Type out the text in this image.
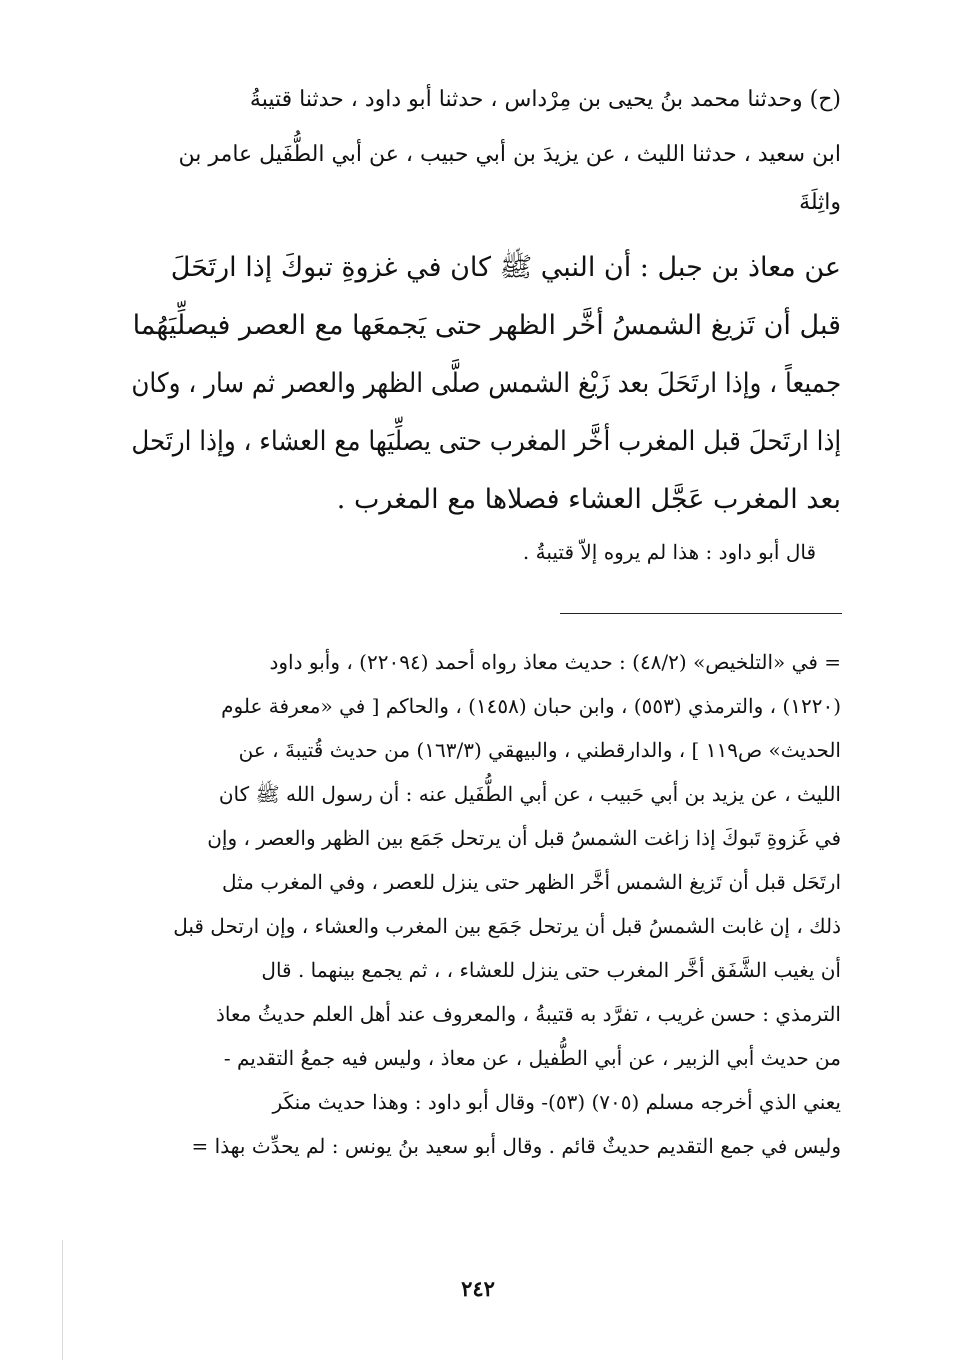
(ح) وحدثنا محمد بنُ يحيى بن مِرْداس ، حدثنا أبو داود ، حدثنا قتيبةُ
ابن سعيد ، حدثنا الليث ، عن يزيدَ بن أبي حبيب ، عن أبي الطُّفَيل عامر بن
واثِلَةَ
عن معاذ بن جبل : أن النبي ﷺ كان في غزوةِ تبوكَ إذا ارتَحَلَ
قبل أن تَزيغ الشمسُ أخَّر الظهر حتى يَجمعَها مع العصر فيصلِّيَهُما
جميعاً ، وإذا ارتَحَلَ بعد زَيْغ الشمس صلَّى الظهر والعصر ثم سار ، وكان
إذا ارتَحلَ قبل المغرب أخَّر المغرب حتى يصلِّيَها مع العشاء ، وإذا ارتَحل
بعد المغرب عَجَّل العشاء فصلاها مع المغرب .
قال أبو داود : هذا لم يروه إلاّ قتيبةُ .
= في «التلخيص» (٤٨/٢) : حديث معاذ رواه أحمد (٢٢٠٩٤) ، وأبو داود
(١٢٢٠) ، والترمذي (٥٥٣) ، وابن حبان (١٤٥٨) ، والحاكم [ في «معرفة علوم
الحديث» ص١١٩ ] ، والدارقطني ، والبيهقي (١٦٣/٣) من حديث قُتيبةَ ، عن
الليث ، عن يزيد بن أبي حَبيب ، عن أبي الطُّفَيل عنه : أن رسول الله ﷺ كان
في غَزوةِ تَبوكَ إذا زاغت الشمسُ قبل أن يرتحل جَمَع بين الظهر والعصر ، وإن
ارتَحَل قبل أن تَزيغ الشمس أخَّر الظهر حتى ينزل للعصر ، وفي المغرب مثل
ذلك ، إن غابت الشمسُ قبل أن يرتحل جَمَع بين المغرب والعشاء ، وإن ارتحل قبل
أن يغيب الشَّفَق أخَّر المغرب حتى ينزل للعشاء ، ، ثم يجمع بينهما . قال
الترمذي : حسن غريب ، تفرَّد به قتيبةُ ، والمعروف عند أهل العلم حديثُ معاذ
من حديث أبي الزبير ، عن أبي الطُّفيل ، عن معاذ ، وليس فيه جمعُ التقديم -
يعني الذي أخرجه مسلم (٧٠٥) (٥٣)- وقال أبو داود : وهذا حديث منكَر
وليس في جمع التقديم حديثٌ قائم . وقال أبو سعيد بنُ يونس : لم يحدِّث بهذا =
٢٤٢
